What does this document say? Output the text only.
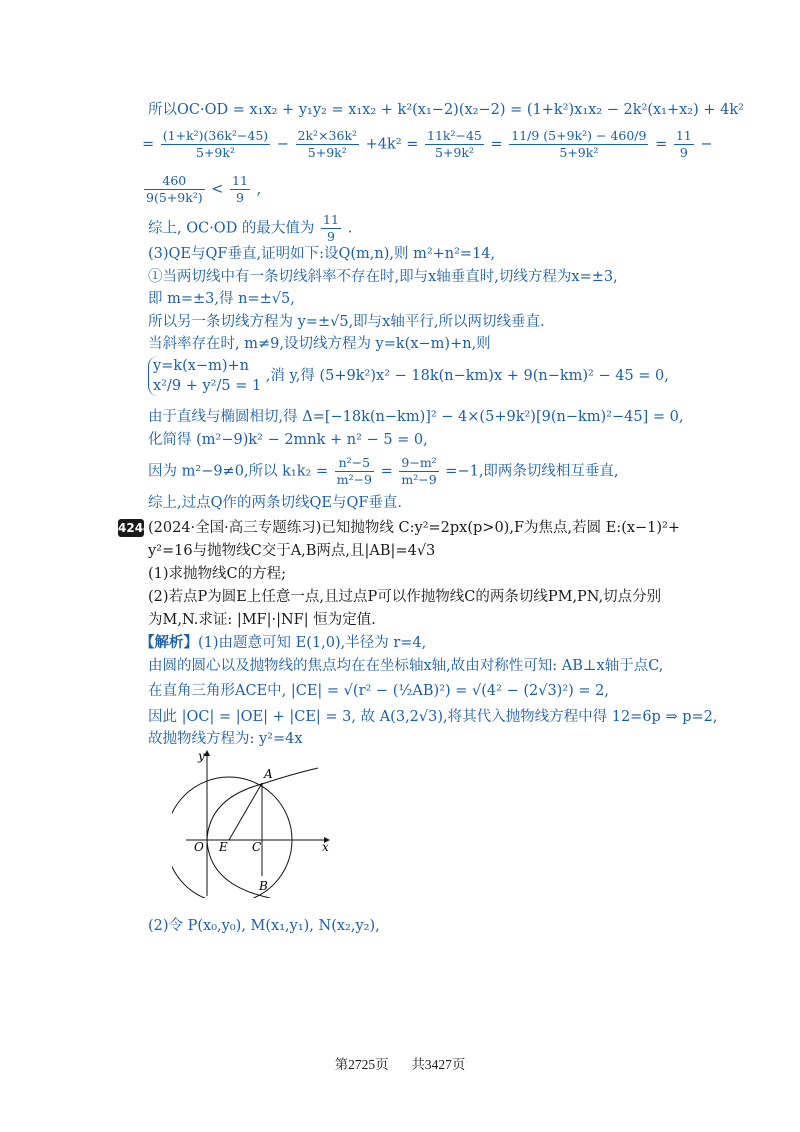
所以OC·OD = x₁x₂ + y₁y₂ = x₁x₂ + k²(x₁−2)(x₂−2) = (1+k²)x₁x₂ − 2k²(x₁+x₂) + 4k²
= $\frac{\text{(1+k²)(36k²−45)}}{\text{5+9k²}} - \frac{\text{2k²×36k²}}{\text{5+9k²}} +4k^2 = \frac{\text{11k²−45}}{\text{5+9k²}} = \frac{\text{11/9 (5+9k²) − 460/9}}{\text{5+9k²}} = \frac{11}{9}$ −
$\frac{460}{\text{9(5+9k²)}} < \frac{11}{9}$ ,
综上, OC·OD 的最大值为 $\frac{11}{9}$ .
(3)QE与QF垂直,证明如下:设Q(m,n),则 m²+n²=14,
①当两切线中有一条切线斜率不存在时,即与x轴垂直时,切线方程为x=±3,
即 m=±3,得 n=±√5,
所以另一条切线方程为 y=±√5,即与x轴平行,所以两切线垂直.
当斜率存在时, m≠9,设切线方程为 y=k(x−m)+n,则
y=k(x−m)+n
x²/9 + y²/5 = 1
,消 y,得 (5+9k²)x² − 18k(n−km)x + 9(n−km)² − 45 = 0,
由于直线与椭圆相切,得 Δ=[−18k(n−km)]² − 4×(5+9k²)[9(n−km)²−45] = 0,
化简得 (m²−9)k² − 2mnk + n² − 5 = 0,
因为 m²−9≠0,所以 $k_1k_2 = \frac{\text{n²−5}}{\text{m²−9}} = \frac{\text{9−m²}}{\text{m²−9}} =-1$,即两条切线相互垂直,
综上,过点Q作的两条切线QE与QF垂直.
4244
(2024·全国·高三专题练习)已知抛物线 C:y²=2px(p>0),F为焦点,若圆 E:(x−1)²+
y²=16与抛物线C交于A,B两点,且|AB|=4√3
(1)求抛物线C的方程;
(2)若点P为圆E上任意一点,且过点P可以作抛物线C的两条切线PM,PN,切点分别
为M,N.求证: |MF|·|NF| 恒为定值.
【解析】(1)由题意可知 E(1,0),半径为 r=4,
由圆的圆心以及抛物线的焦点均在在坐标轴x轴,故由对称性可知: AB⊥x轴于点C,
在直角三角形ACE中, |CE| = √(r² − (½AB)²) = √(4² − (2√3)²) = 2,
因此 |OC| = |OE| + |CE| = 3, 故 A(3,2√3),将其代入抛物线方程中得 12=6p ⇒ p=2,
故抛物线方程为: y²=4x
y
x
A
B
O E C
(2)令 P(x₀,y₀), M(x₁,y₁), N(x₂,y₂),
第2725页 共3427页
